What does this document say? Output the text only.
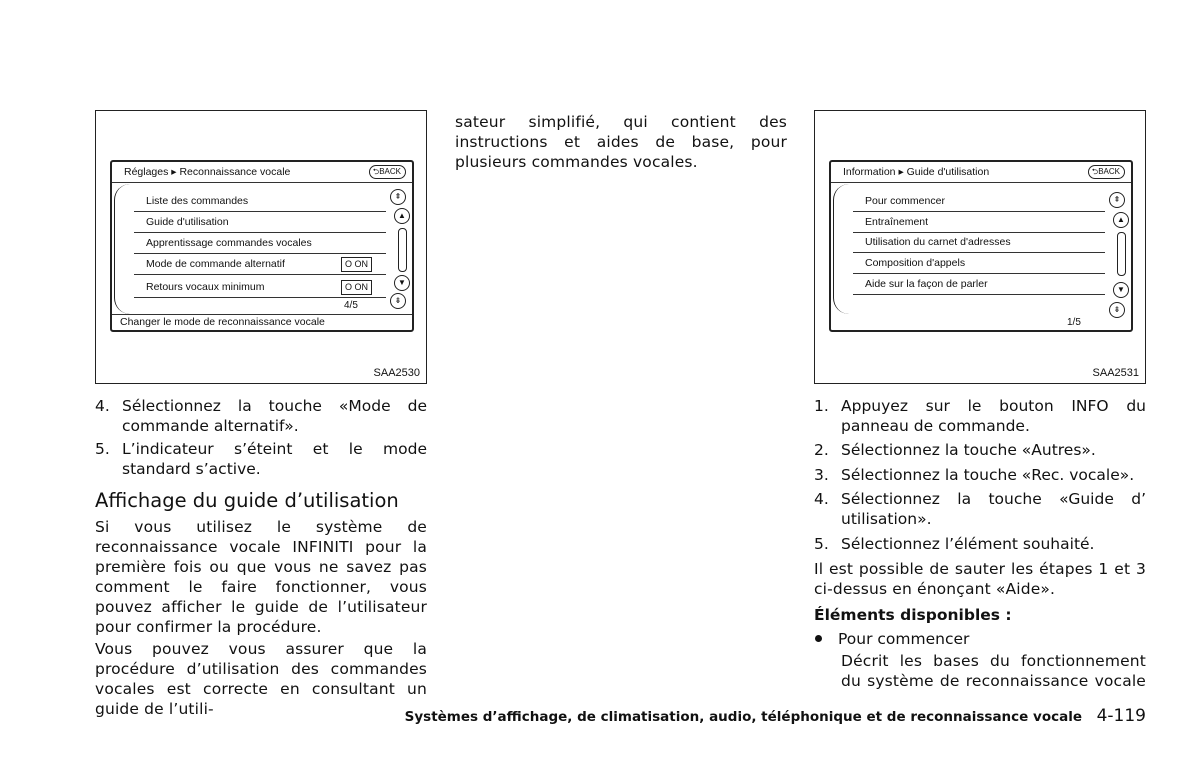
Réglages ▸ Reconnaissance vocale	⮌BACK
Liste des commandes
Guide d'utilisation
Apprentissage commandes vocales
Mode de commande alternatif	O ON
Retours vocaux minimum	O ON
4/5
⇞
▲
▼
⇟
Changer le mode de reconnaissance vocale
SAA2530
Information ▸ Guide d'utilisation	⮌BACK
Pour commencer
Entraînement
Utilisation du carnet d'adresses
Composition d'appels
Aide sur la façon de parler
1/5
⇞
▲
▼
⇟
SAA2531
4. Sélectionnez la touche «Mode de commande alternatif».
5. L’indicateur s’éteint et le mode standard s’active.
Affichage du guide d’utilisation
Si vous utilisez le système de reconnaissance vocale INFINITI pour la première fois ou que vous ne savez pas comment le faire fonctionner, vous pouvez afficher le guide de l’utilisateur pour confirmer la procédure.
Vous pouvez vous assurer que la procédure d’utilisation des commandes vocales est correcte en consultant un guide de l’utili-
sateur simplifié, qui contient des instructions et aides de base, pour plusieurs commandes vocales.
1. Appuyez sur le bouton INFO du panneau de commande.
2. Sélectionnez la touche «Autres».
3. Sélectionnez la touche «Rec. vocale».
4. Sélectionnez la touche «Guide d’ utilisation».
5. Sélectionnez l’élément souhaité.
Il est possible de sauter les étapes 1 et 3 ci-dessus en énonçant «Aide».
Éléments disponibles :
Pour commencer
Décrit les bases du fonctionnement du système de reconnaissance vocale
Systèmes d’affichage, de climatisation, audio, téléphonique et de reconnaissance vocale 4-119
